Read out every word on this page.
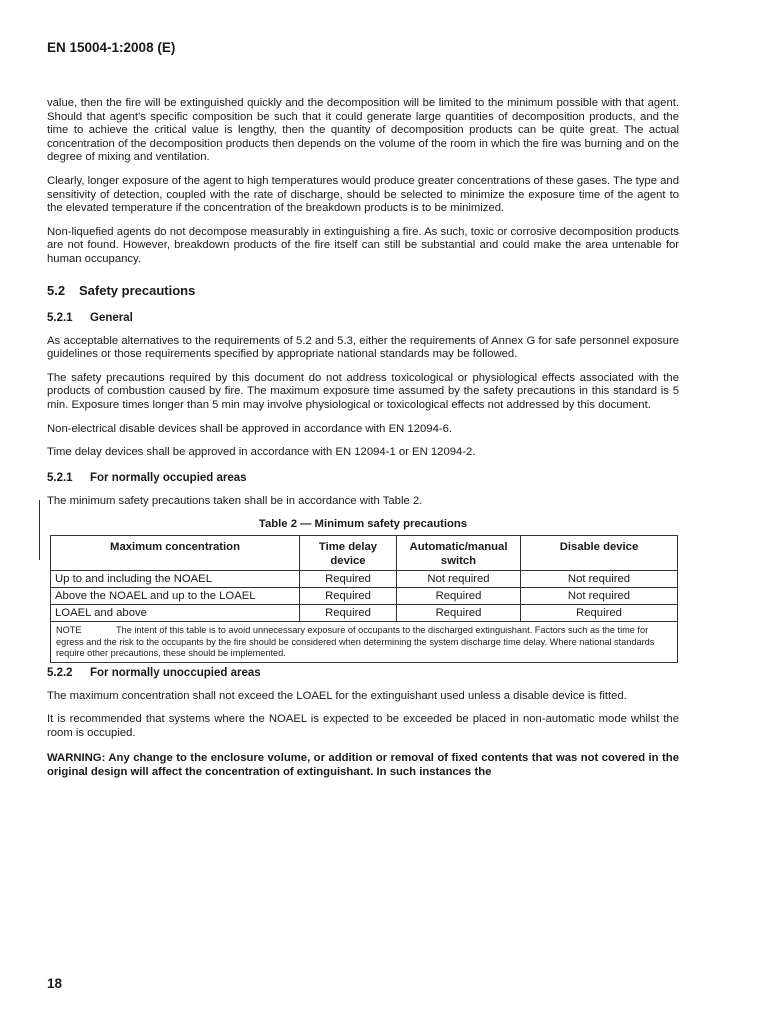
EN 15004-1:2008 (E)

value, then the fire will be extinguished quickly and the decomposition will be limited to the minimum possible with that agent. Should that agent's specific composition be such that it could generate large quantities of decomposition products, and the time to achieve the critical value is lengthy, then the quantity of decomposition products can be quite great. The actual concentration of the decomposition products then depends on the volume of the room in which the fire was burning and on the degree of mixing and ventilation.

Clearly, longer exposure of the agent to high temperatures would produce greater concentrations of these gases. The type and sensitivity of detection, coupled with the rate of discharge, should be selected to minimize the exposure time of the agent to the elevated temperature if the concentration of the breakdown products is to be minimized.

Non-liquefied agents do not decompose measurably in extinguishing a fire. As such, toxic or corrosive decomposition products are not found. However, breakdown products of the fire itself can still be substantial and could make the area untenable for human occupancy.

5.2 Safety precautions
5.2.1 General

As acceptable alternatives to the requirements of 5.2 and 5.3, either the requirements of Annex G for safe personnel exposure guidelines or those requirements specified by appropriate national standards may be followed.

The safety precautions required by this document do not address toxicological or physiological effects associated with the products of combustion caused by fire. The maximum exposure time assumed by the safety precautions in this standard is 5 min. Exposure times longer than 5 min may involve physiological or toxicological effects not addressed by this document.

Non-electrical disable devices shall be approved in accordance with EN 12094-6.

Time delay devices shall be approved in accordance with EN 12094-1 or EN 12094-2.

5.2.1 For normally occupied areas

The minimum safety precautions taken shall be in accordance with Table 2.

Table 2 — Minimum safety precautions
Maximum concentration	Time delay device	Automatic/manual switch	Disable device
Up to and including the NOAEL	Required	Not required	Not required
Above the NOAEL and up to the LOAEL	Required	Required	Not required
LOAEL and above	Required	Required	Required
NOTE The intent of this table is to avoid unnecessary exposure of occupants to the discharged extinguishant. Factors such as the time for egress and the risk to the occupants by the fire should be considered when determining the system discharge time delay. Where national standards require other precautions, these should be implemented.			
5.2.2 For normally unoccupied areas

The maximum concentration shall not exceed the LOAEL for the extinguishant used unless a disable device is fitted.

It is recommended that systems where the NOAEL is expected to be exceeded be placed in non-automatic mode whilst the room is occupied.

WARNING: Any change to the enclosure volume, or addition or removal of fixed contents that was not covered in the original design will affect the concentration of extinguishant. In such instances the

18
